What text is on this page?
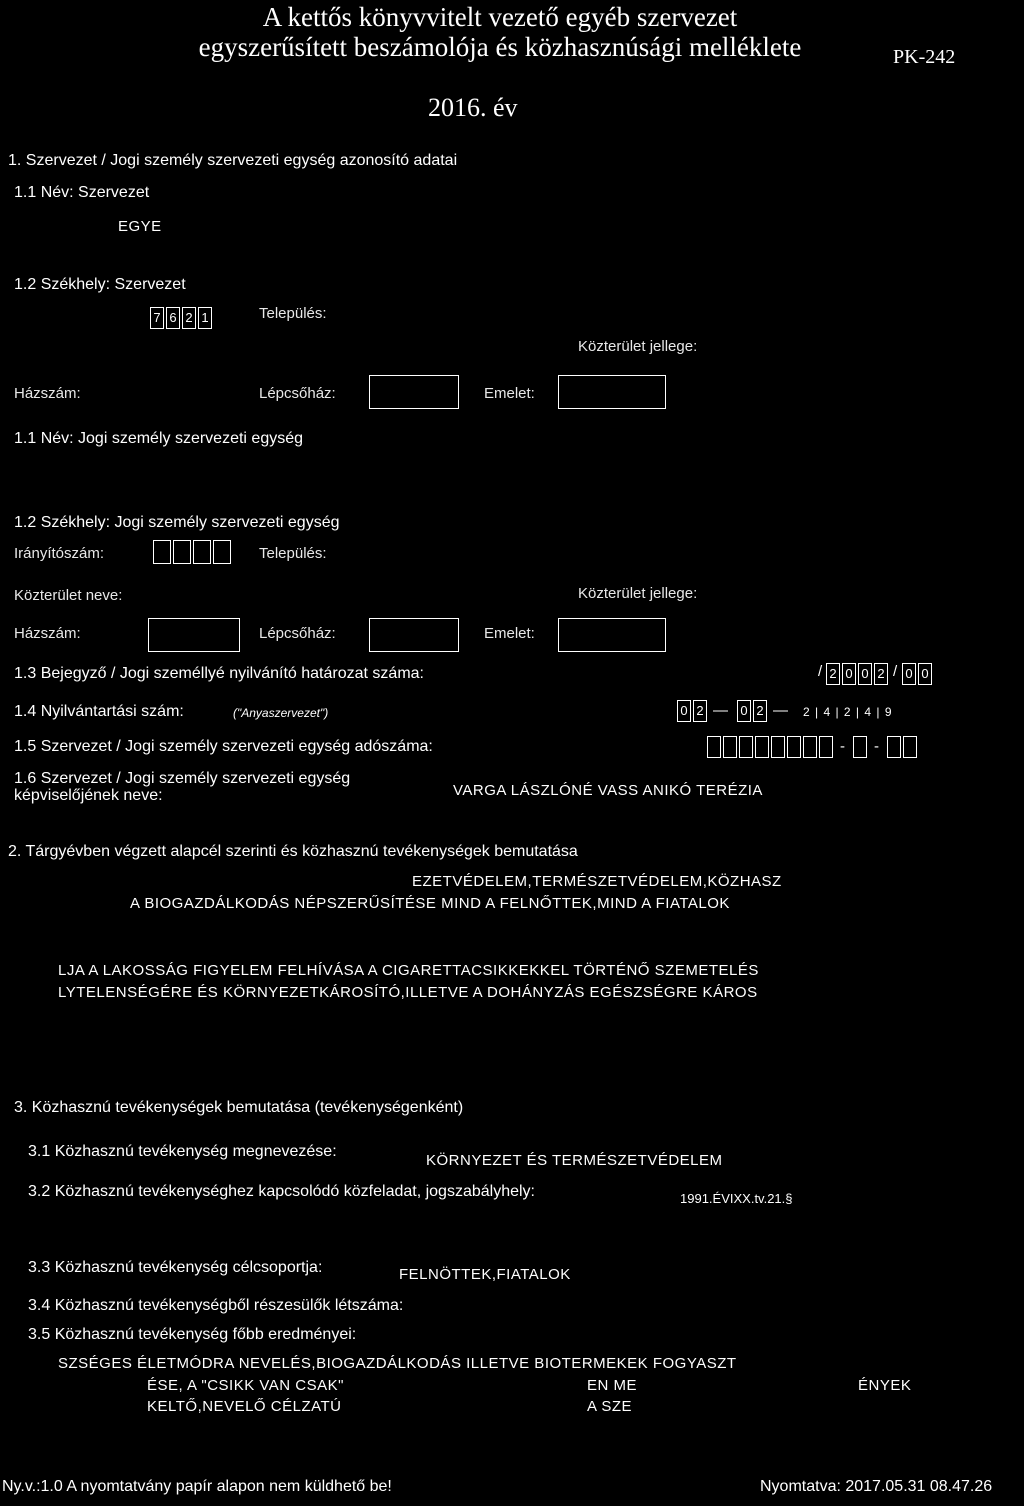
A kettős könyvvitelt vezető egyéb szervezet
egyszerűsített beszámolója és közhasznúsági melléklete	PK-242
2016. év
1. Szervezet / Jogi személy szervezeti egység azonosító adatai
1.1 Név: Szervezet
EGYE
1.2 Székhely: Szervezet
7 6 2 1	Település:
Közterület jellege:
Házszám:	Lépcsőház:	Emelet:
1.1 Név: Jogi személy szervezeti egység
1.2 Székhely: Jogi személy szervezeti egység
Irányítószám:	Település:
Közterület neve:	Közterület jellege:
Házszám:	Lépcsőház:	Emelet:
1.3 Bejegyző / Jogi személlyé nyilvánító határozat száma:	/ 2 0 0 2 / 0 0
1.4 Nyilvántartási szám:	("Anyaszervezet")	0 2 — 0 2 — 2 | 4 | 2 | 4 | 9
1.5 Szervezet / Jogi személy szervezeti egység adószáma:	- -
1.6 Szervezet / Jogi személy szervezeti egység
képviselőjének neve:	VARGA LÁSZLÓNÉ VASS ANIKÓ TERÉZIA
2. Tárgyévben végzett alapcél szerinti és közhasznú tevékenységek bemutatása
EZETVÉDELEM,TERMÉSZETVÉDELEM,KÖZHASZ
A BIOGAZDÁLKODÁS NÉPSZERŰSÍTÉSE MIND A FELNŐTTEK,MIND A FIATALOK
LJA A LAKOSSÁG FIGYELEM FELHÍVÁSA A CIGARETTACSIKKEKKEL TÖRTÉNŐ SZEMETELÉS
LYTELENSÉGÉRE ÉS KÖRNYEZETKÁROSÍTÓ,ILLETVE A DOHÁNYZÁS EGÉSZSÉGRE KÁROS
3. Közhasznú tevékenységek bemutatása (tevékenységenként)
3.1 Közhasznú tevékenység megnevezése:
KÖRNYEZET ÉS TERMÉSZETVÉDELEM
3.2 Közhasznú tevékenységhez kapcsolódó közfeladat, jogszabályhely:	1991.ÉVIXX.tv.21.§
3.3 Közhasznú tevékenység célcsoportja:	FELNÖTTEK,FIATALOK
3.4 Közhasznú tevékenységből részesülők létszáma:
3.5 Közhasznú tevékenység főbb eredményei:
SZSÉGES ÉLETMÓDRA NEVELÉS,BIOGAZDÁLKODÁS ILLETVE BIOTERMEKEK FOGYASZT
ÉSE, A "CSIKK VAN CSAK"	EN ME	ÉNYEK
KELTŐ,NEVELŐ CÉLZATÚ	A SZE
Ny.v.:1.0 A nyomtatvány papír alapon nem küldhető be!	Nyomtatva: 2017.05.31 08.47.26
